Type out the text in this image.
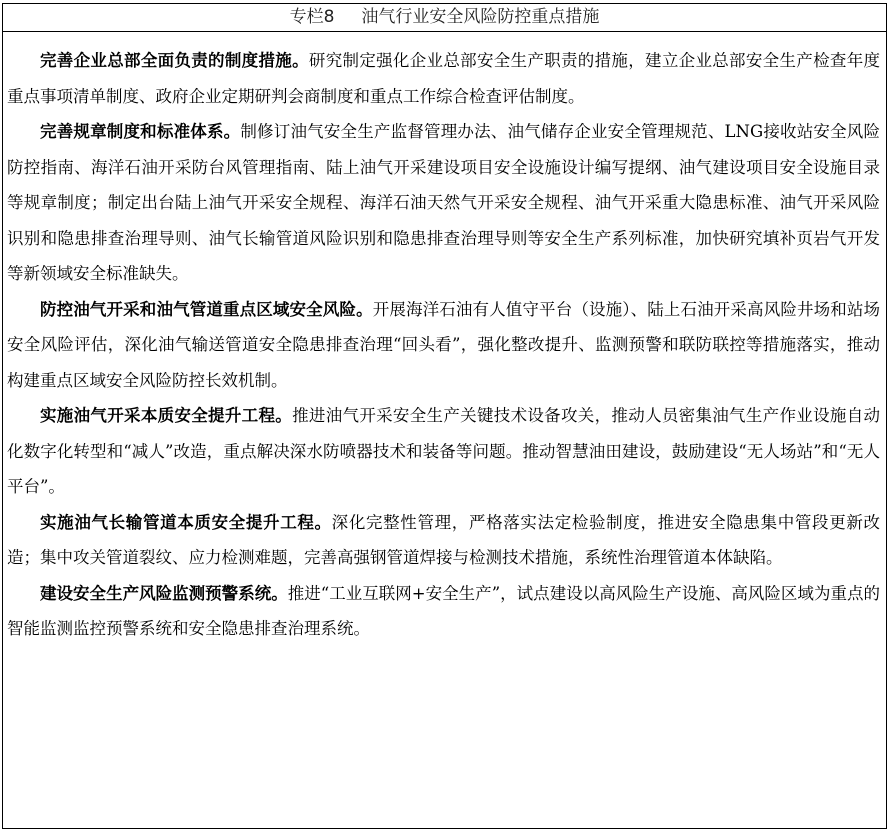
专栏8     油气行业安全风险防控重点措施

完善企业总部全面负责的制度措施。研究制定强化企业总部安全生产职责的措施，建立企业总部安全生产检查年度重点事项清单制度、政府企业定期研判会商制度和重点工作综合检查评估制度。

完善规章制度和标准体系。制修订油气安全生产监督管理办法、油气储存企业安全管理规范、LNG接收站安全风险防控指南、海洋石油开采防台风管理指南、陆上油气开采建设项目安全设施设计编写提纲、油气建设项目安全设施目录等规章制度；制定出台陆上油气开采安全规程、海洋石油天然气开采安全规程、油气开采重大隐患标准、油气开采风险识别和隐患排查治理导则、油气长输管道风险识别和隐患排查治理导则等安全生产系列标准，加快研究填补页岩气开发等新领域安全标准缺失。

防控油气开采和油气管道重点区域安全风险。开展海洋石油有人值守平台（设施）、陆上石油开采高风险井场和站场安全风险评估，深化油气输送管道安全隐患排查治理“回头看”，强化整改提升、监测预警和联防联控等措施落实，推动构建重点区域安全风险防控长效机制。

实施油气开采本质安全提升工程。推进油气开采安全生产关键技术设备攻关，推动人员密集油气生产作业设施自动化数字化转型和“减人”改造，重点解决深水防喷器技术和装备等问题。推动智慧油田建设，鼓励建设“无人场站”和“无人平台”。

实施油气长输管道本质安全提升工程。深化完整性管理，严格落实法定检验制度，推进安全隐患集中管段更新改造；集中攻关管道裂纹、应力检测难题，完善高强钢管道焊接与检测技术措施，系统性治理管道本体缺陷。

建设安全生产风险监测预警系统。推进“工业互联网+安全生产”，试点建设以高风险生产设施、高风险区域为重点的智能监测监控预警系统和安全隐患排查治理系统。
